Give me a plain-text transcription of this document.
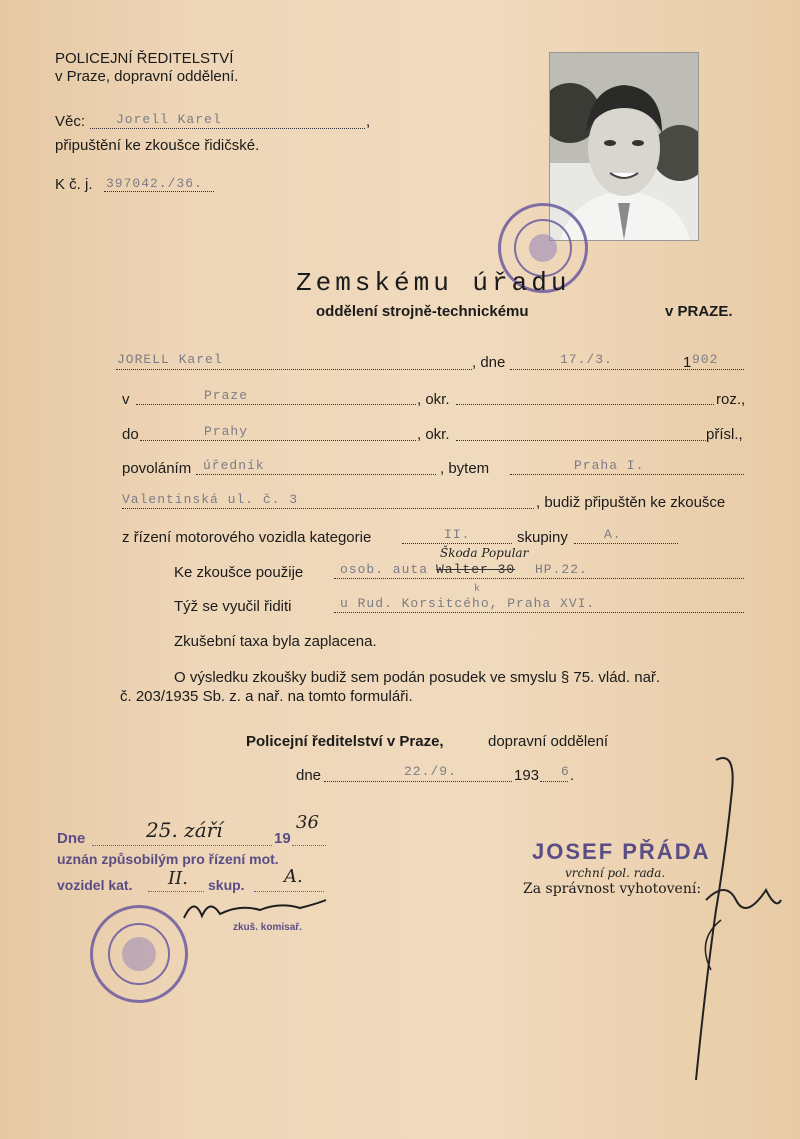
POLICEJNÍ ŘEDITELSTVÍ
v Praze, dopravní oddělení.
Věc: Jorell Karel	,
připuštění ke zkoušce řidičské.
K č. j. 397042./36.
Zemskému úřadu
oddělení strojně-technickému	v PRAZE.
JORELL Karel	, dne	17./3.	1 902
v	Praze	, okr.	roz.,
do	Prahy	, okr.	přísl.,
povoláním úředník	, bytem	Praha I.
Valentinská ul. č. 3	, budiž připuštěn ke zkoušce
z řízení motorového vozidla kategorie	II.	skupiny	A.
Ke zkoušce použije	osob. auta Walter 30 HP.22.
Škoda Popular
Týž se vyučil řiditi	u Rud. Korsitcého, Praha XVI.
k
Zkušební taxa byla zaplacena.
O výsledku zkoušky budiž sem podán posudek ve smyslu § 75. vlád. nař.
č. 203/1935 Sb. z. a nař. na tomto formuláři.
Policejní ředitelství v Praze,	dopravní oddělení
dne	22./9.	193 6 .
Dne	25. září	19
36
uznán způsobilým pro řízení mot.
vozidel kat. II. skup. A.
zkuš. komisař.
JOSEF PŘÁDA
vrchní pol. rada.
Za správnost vyhotovení:
